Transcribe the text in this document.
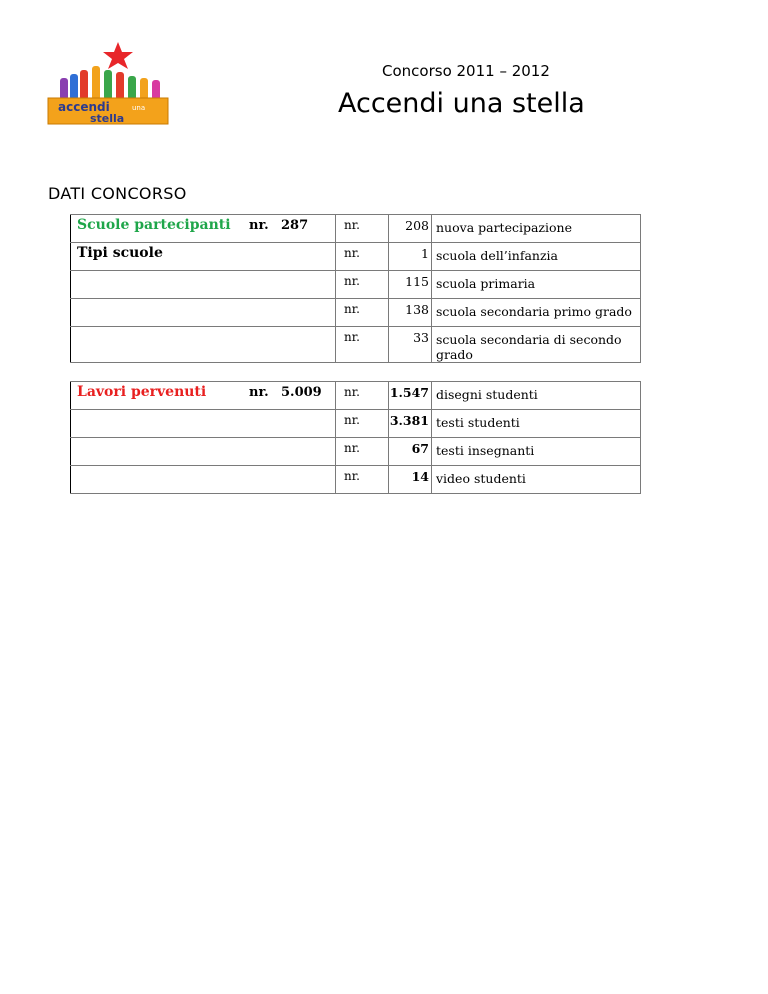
accendi	una
stella
Concorso 2011 – 2012
Accendi una stella
DATI CONCORSO
Scuole partecipanti nr. 287	nr.	208	nuova partecipazione
Tipi scuole	nr.	1	scuola dell’infanzia
	nr.	115	scuola primaria
	nr.	138	scuola secondaria primo grado
	nr.	33	scuola secondaria di secondo grado
Lavori pervenuti nr. 5.009	nr.	1.547	disegni studenti
	nr.	3.381	testi studenti
	nr.	67	testi insegnanti
	nr.	14	video studenti
